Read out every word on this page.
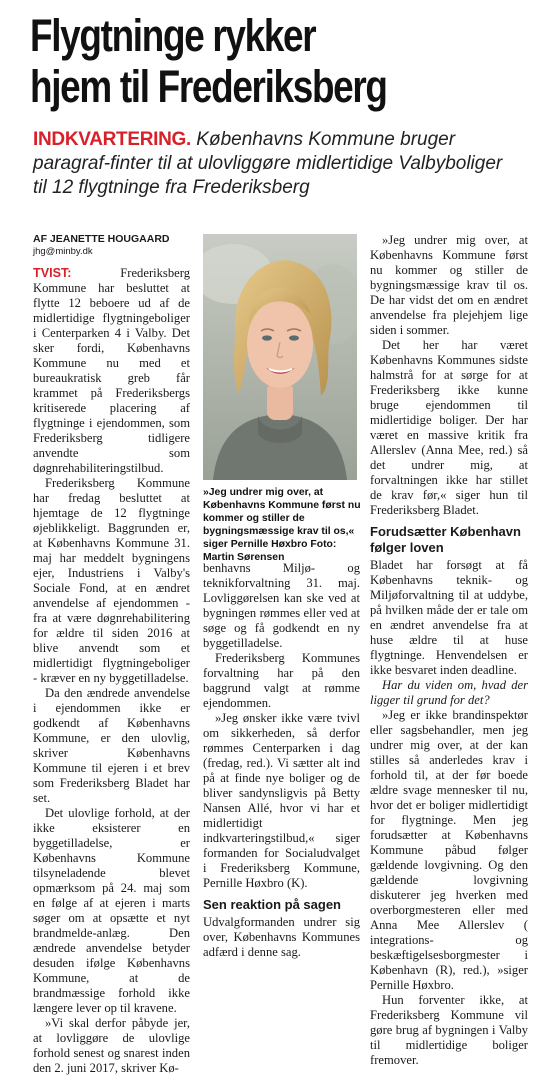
Flygtninge rykker
hjem til Frederiksberg
INDKVARTERING. Københavns Kommune bruger paragraf-finter til at ulovliggøre midlertidige Valbyboliger til 12 flygtninge fra Frederiksberg
AF JEANETTE HOUGAARD
jhg@minby.dk

TVIST: Frederiksberg Kommune har besluttet at flytte 12 beboere ud af de midlertidige flygtningeboliger i Centerparken 4 i Valby. Det sker fordi, Københavns Kommune nu med et bureaukratisk greb får krammet på Frederiksbergs kritiserede placering af flygtninge i ejendommen, som Frederiksberg tidligere anvendte som døgnrehabiliteringstilbud.

Frederiksberg Kommune har fredag besluttet at hjemtage de 12 flygtninge øjeblikkeligt. Baggrunden er, at Københavns Kommune 31. maj har meddelt bygningens ejer, Industriens i Valby's Sociale Fond, at en ændret anvendelse af ejendommen - fra at være døgnrehabilitering for ældre til siden 2016 at blive anvendt som et midlertidigt flygtningeboliger - kræver en ny byggetilladelse.

Da den ændrede anvendelse i ejendommen ikke er godkendt af Københavns Kommune, er den ulovlig, skriver Københavns Kommune til ejeren i et brev som Frederiksberg Bladet har set.

Det ulovlige forhold, at der ikke eksisterer en byggetilladelse, er Københavns Kommune tilsyneladende blevet opmærksom på 24. maj som en følge af at ejeren i marts søger om at opsætte et nyt brandmelde-anlæg. Den ændrede anvendelse betyder desuden ifølge Københavns Kommune, at de brandmæssige forhold ikke længere lever op til kravene.

»Vi skal derfor påbyde jer, at lovliggøre de ulovlige forhold senest og snarest inden den 2. juni 2017, skriver Kø-

»Jeg undrer mig over, at Københavns Kommune først nu kommer og stiller de bygningsmæssige krav til os,« siger Pernille Høxbro Foto: Martin Sørensen

benhavns Miljø- og teknikforvaltning 31. maj. Lovliggørelsen kan ske ved at bygningen rømmes eller ved at søge og få godkendt en ny byggetilladelse.

Frederiksberg Kommunes forvaltning har på den baggrund valgt at rømme ejendommen.

»Jeg ønsker ikke være tvivl om sikkerheden, så derfor rømmes Centerparken i dag (fredag, red.). Vi sætter alt ind på at finde nye boliger og de bliver sandynsligvis på Betty Nansen Allé, hvor vi har et midlertidigt indkvarteringstilbud,« siger formanden for Socialudvalget i Frederiksberg Kommune, Pernille Høxbro (K).

Sen reaktion på sagen

Udvalgformanden undrer sig over, Københavns Kommunes adfærd i denne sag.

»Jeg undrer mig over, at Københavns Kommune først nu kommer og stiller de bygningsmæssige krav til os. De har vidst det om en ændret anvendelse fra plejehjem lige siden i sommer.

Det her har været Københavns Kommunes sidste halmstrå for at sørge for at Frederiksberg ikke kunne bruge ejendommen til midlertidige boliger. Der har været en massive kritik fra Allerslev (Anna Mee, red.) så det undrer mig, at forvaltningen ikke har stillet de krav før,« siger hun til Frederiksberg Bladet.

Forudsætter København følger loven

Bladet har forsøgt at få Københavns teknik- og Miljøforvaltning til at uddybe, på hvilken måde der er tale om en ændret anvendelse fra at huse ældre til at huse flygtninge. Henvendelsen er ikke besvaret inden deadline.

Har du viden om, hvad der ligger til grund for det?

»Jeg er ikke brandinspektør eller sagsbehandler, men jeg undrer mig over, at der kan stilles så anderledes krav i forhold til, at der før boede ældre svage mennesker til nu, hvor det er boliger midlertidigt for flygtninge. Men jeg forudsætter at Københavns Kommune påbud følger gældende lovgivning. Og den gældende lovgivning diskuterer jeg hverken med overborgmesteren eller med Anna Mee Allerslev ( integrations- og beskæftigelsesborgmester i København (R), red.), »siger Pernille Høxbro.

Hun forventer ikke, at Frederiksberg Kommune vil gøre brug af bygningen i Valby til midlertidige boliger fremover.
